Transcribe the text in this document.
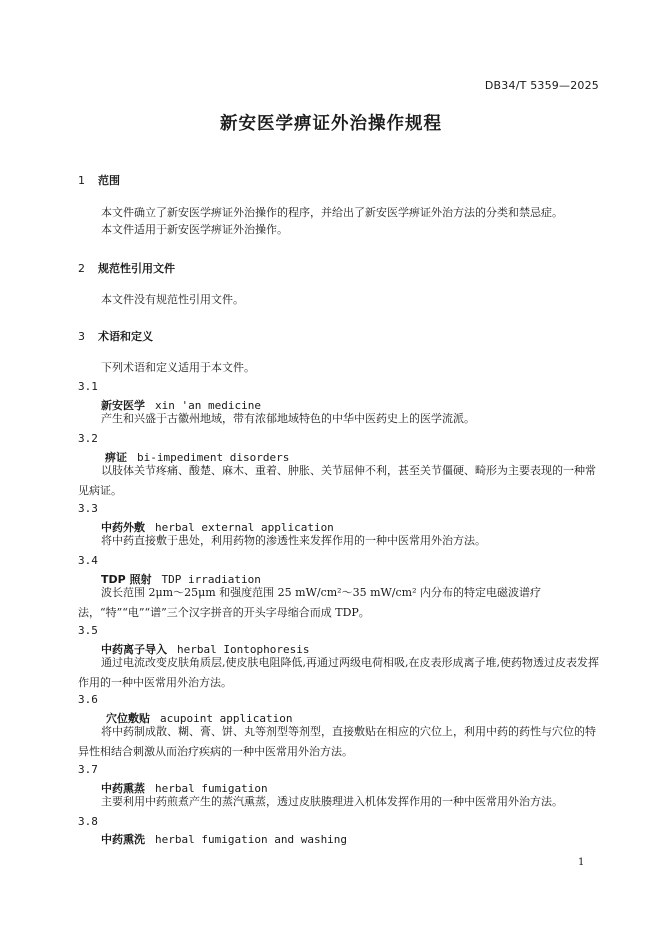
DB34/T 5359—2025
新安医学痹证外治操作规程
1 范围

本文件确立了新安医学痹证外治操作的程序，并给出了新安医学痹证外治方法的分类和禁忌症。

本文件适用于新安医学痹证外治操作。

2 规范性引用文件

本文件没有规范性引用文件。

3 术语和定义

下列术语和定义适用于本文件。

3.1
新安医学 xin 'an medicine

产生和兴盛于古徽州地域，带有浓郁地域特色的中华中医药史上的医学流派。

3.2
痹证 bi-impediment disorders

以肢体关节疼痛、酸楚、麻木、重着、肿胀、关节屈伸不利，甚至关节僵硬、畸形为主要表现的一种常见病证。

3.3
中药外敷 herbal external application

将中药直接敷于患处，利用药物的渗透性来发挥作用的一种中医常用外治方法。

3.4
TDP 照射 TDP irradiation

波长范围 2μm～25μm 和强度范围 25 mW/cm²～35 mW/cm² 内分布的特定电磁波谱疗法，“特”“电”“谱”三个汉字拼音的开头字母缩合而成 TDP。

3.5
中药离子导入 herbal Iontophoresis

通过电流改变皮肤角质层,使皮肤电阻降低,再通过两级电荷相吸,在皮表形成离子堆,使药物透过皮表发挥作用的一种中医常用外治方法。

3.6
穴位敷贴 acupoint application

将中药制成散、糊、膏、饼、丸等剂型等剂型，直接敷贴在相应的穴位上，利用中药的药性与穴位的特异性相结合刺激从而治疗疾病的一种中医常用外治方法。

3.7
中药熏蒸 herbal fumigation

主要利用中药煎煮产生的蒸汽熏蒸，透过皮肤腠理进入机体发挥作用的一种中医常用外治方法。

3.8
中药熏洗 herbal fumigation and washing
1
